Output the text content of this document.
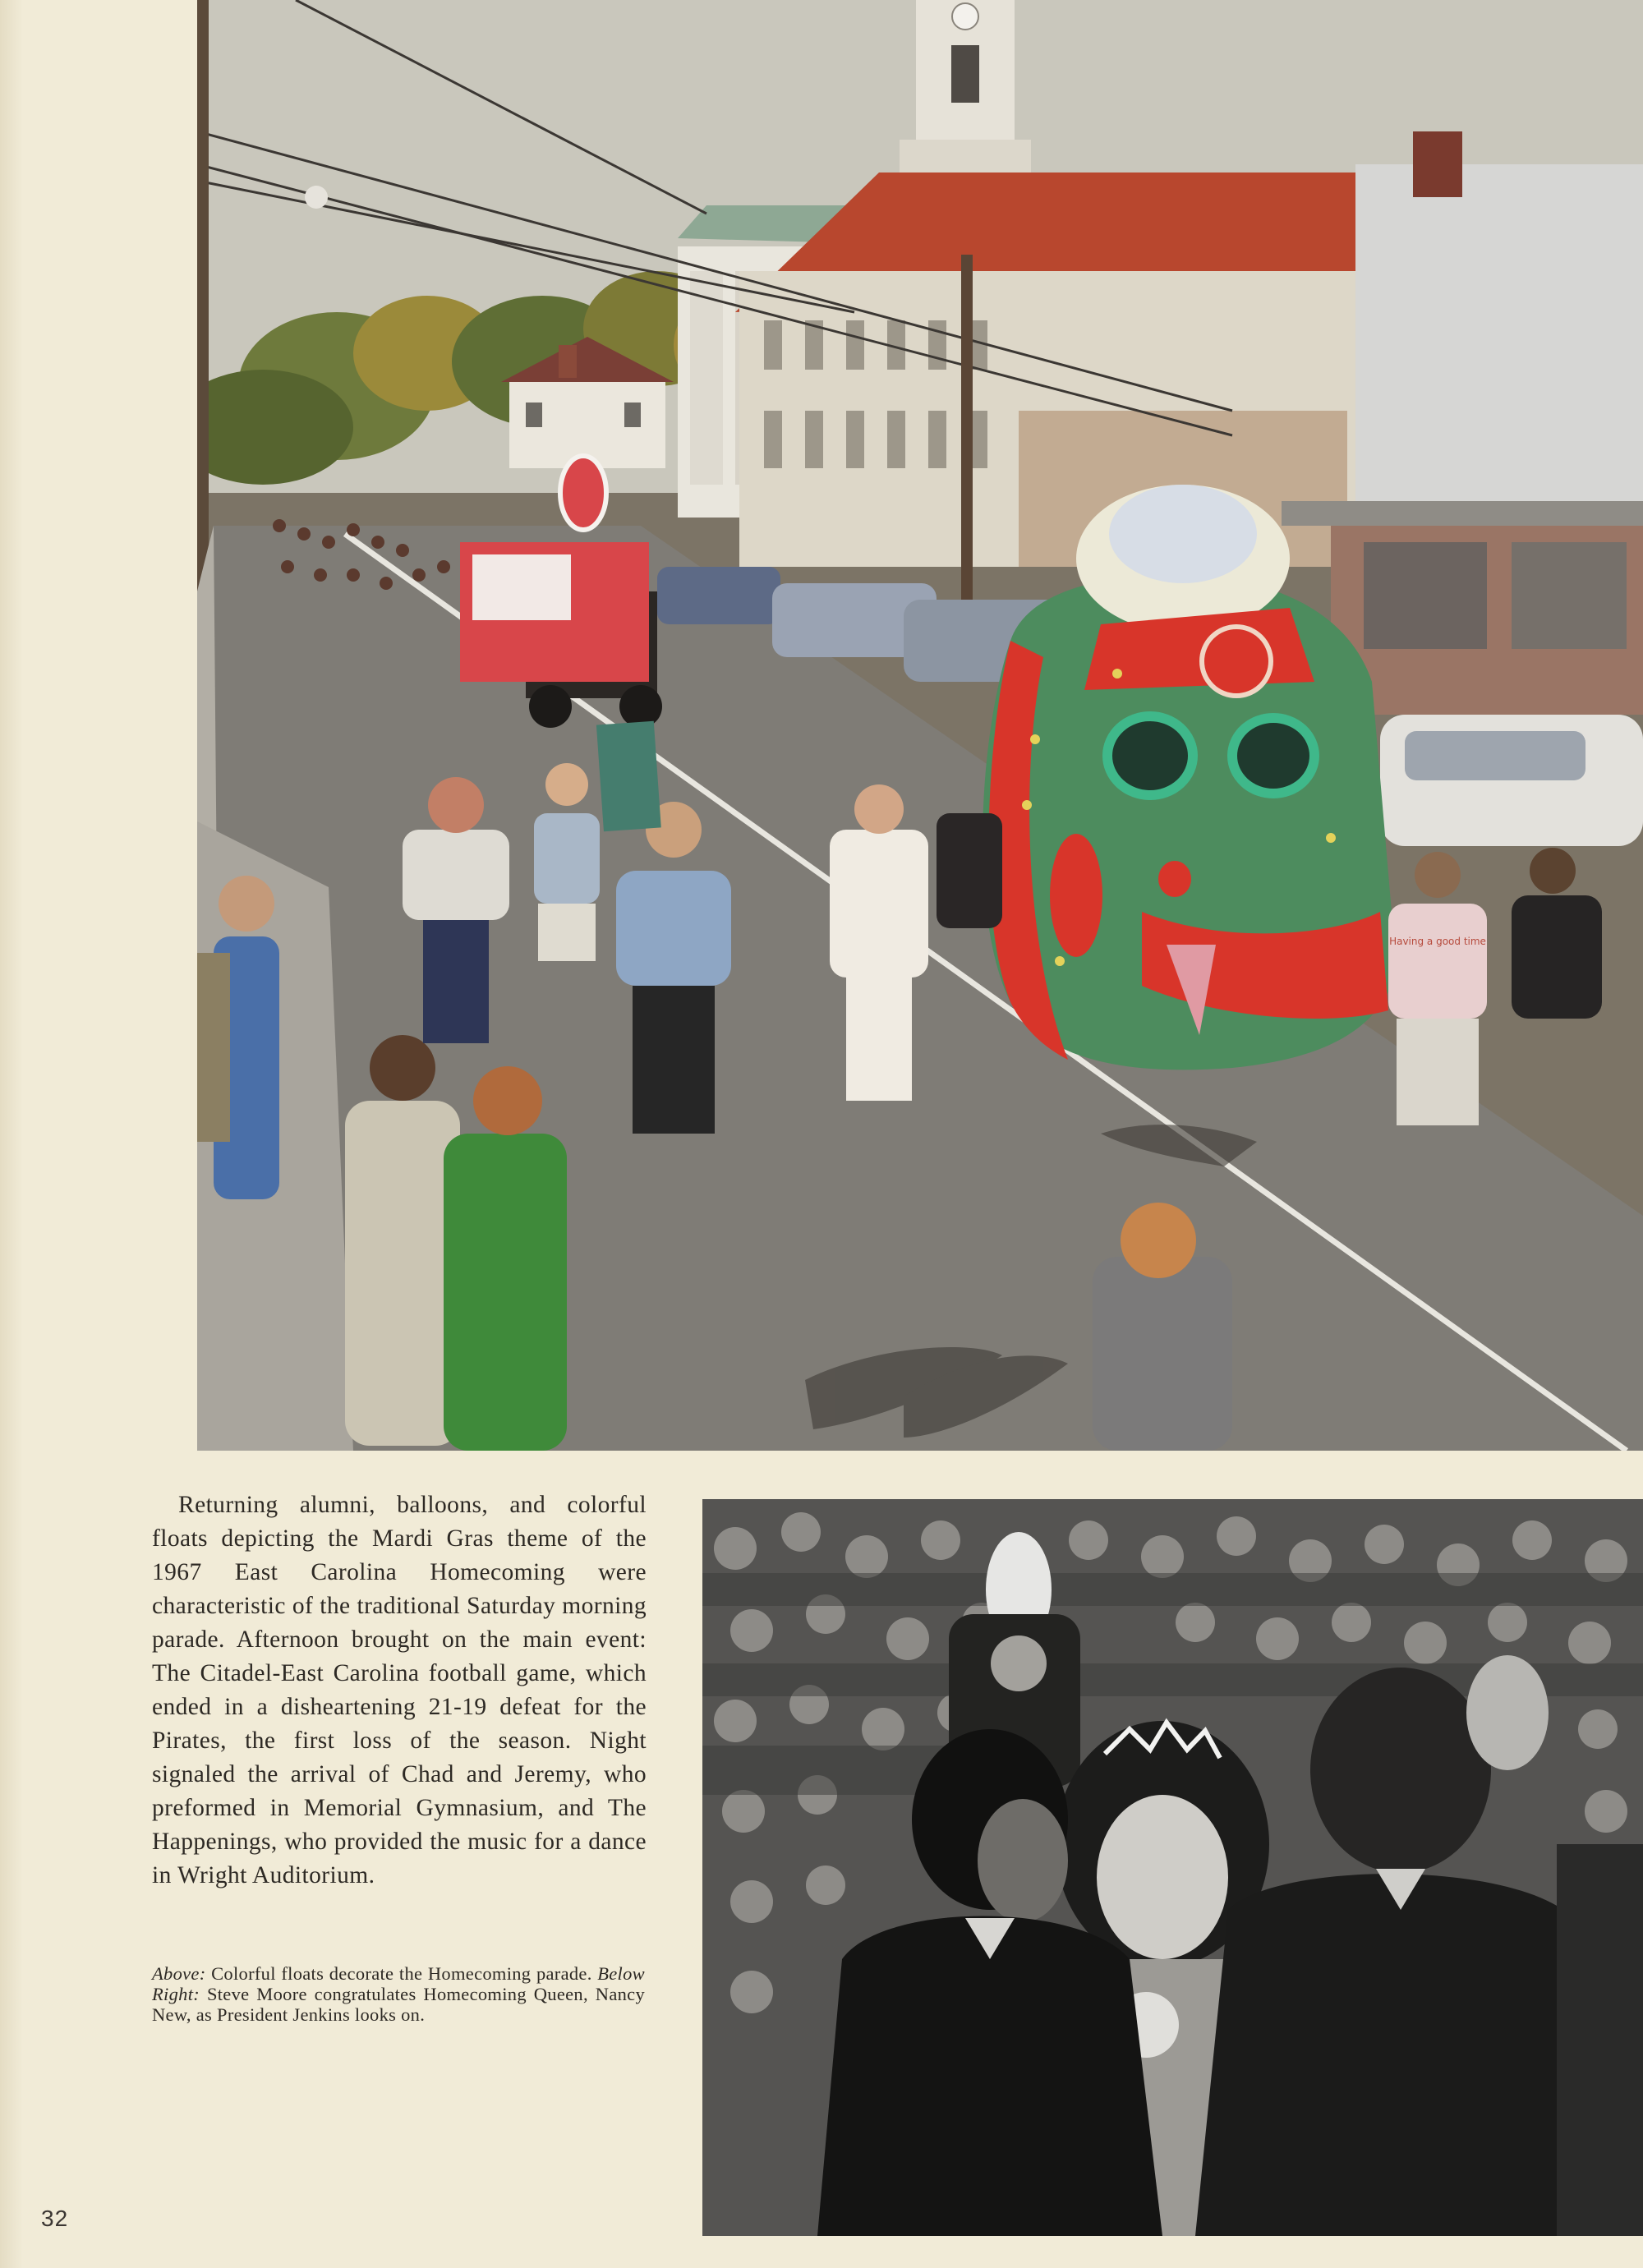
Having a good time

Returning alumni, balloons, and colorful floats depicting the Mardi Gras theme of the 1967 East Carolina Homecoming were characteristic of the traditional Saturday morning parade. Afternoon brought on the main event: The Citadel-East Carolina football game, which ended in a disheartening 21-19 defeat for the Pirates, the first loss of the season. Night signaled the arrival of Chad and Jeremy, who preformed in Memorial Gymnasium, and The Happenings, who provided the music for a dance in Wright Auditorium.

Above: Colorful floats decorate the Homecoming parade. Below Right: Steve Moore congratulates Homecoming Queen, Nancy New, as President Jenkins looks on.

32
